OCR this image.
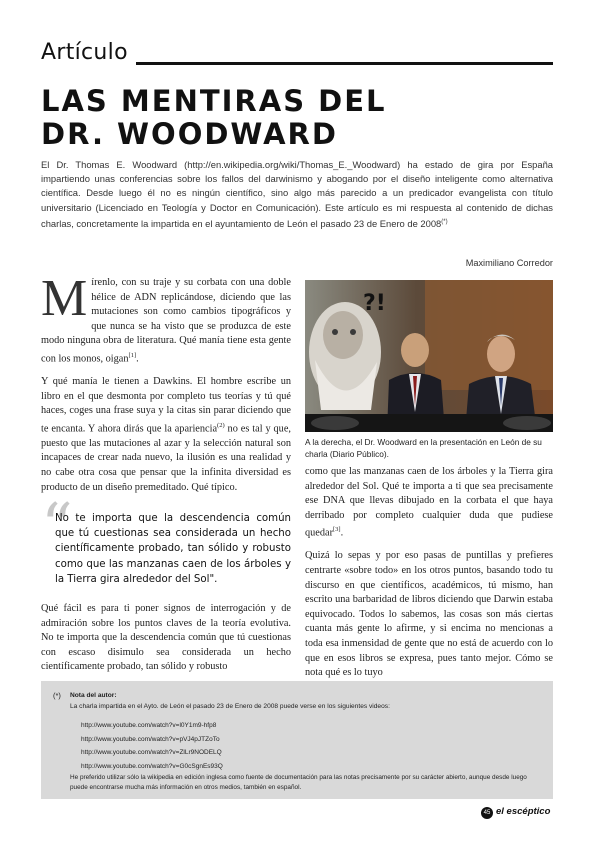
Artículo
LAS MENTIRAS DEL
DR. WOODWARD
El Dr. Thomas E. Woodward (http://en.wikipedia.org/wiki/Thomas_E._Woodward) ha estado de gira por España impartiendo unas conferencias sobre los fallos del darwinismo y abogando por el diseño inteligente como alternativa científica. Desde luego él no es ningún científico, sino algo más parecido a un predicador evangelista con título universitario (Licenciado en Teología y Doctor en Comunicación). Este artículo es mi respuesta al contenido de dichas charlas, concretamente la impartida en el ayuntamiento de León el pasado 23 de Enero de 2008(*)
Maximiliano Corredor

Mírenlo, con su traje y su corbata con una doble hélice de ADN replicándose, diciendo que las mutaciones son como cambios tipográficos y que nunca se ha visto que se produzca de este modo ninguna obra de literatura. Qué manía tiene esta gente con los monos, oigan[1].

Y qué manía le tienen a Dawkins. El hombre escribe un libro en el que desmonta por completo tus teorías y tú qué haces, coges una frase suya y la citas sin parar diciendo que te encanta. Y ahora dirás que la apariencia$^{(2)}$ no es tal y que, puesto que las mutaciones al azar y la selección natural son incapaces de crear nada nuevo, la ilusión es una realidad y no cabe otra cosa que pensar que la infinita diversidad es producto de un diseño premeditado. Qué típico.

“
No te importa que la descendencia común que tú cuestionas sea considerada un hecho científicamente probado, tan sólido y robusto como que las manzanas caen de los árboles y la Tierra gira alrededor del Sol".

Qué fácil es para ti poner signos de interrogación y de admiración sobre los puntos claves de la teoría evolutiva. No te importa que la descendencia común que tú cuestionas con escaso disimulo sea considerada un hecho científicamente probado, tan sólido y robusto

?!
A la derecha, el Dr. Woodward en la presentación en León de su charla (Diario Público).

como que las manzanas caen de los árboles y la Tierra gira alrededor del Sol. Qué te importa a ti que sea precisamente ese DNA que llevas dibujado en la corbata el que haya derribado por completo cualquier duda que pudiese quedar[3].

Quizá lo sepas y por eso pasas de puntillas y prefieres centrarte «sobre todo» en los otros puntos, basando todo tu discurso en que científicos, académicos, tú mismo, han escrito una barbaridad de libros diciendo que Darwin estaba equivocado. Todos lo sabemos, las cosas son más ciertas cuanta más gente lo afirme, y si encima no mencionas a toda esa inmensidad de gente que no está de acuerdo con lo que en esos libros se expresa, pues tanto mejor. Cómo se nota qué es lo tuyo

(*) Nota del autor:
La charla impartida en el Ayto. de León el pasado 23 de Enero de 2008 puede verse en los siguientes videos:
http://www.youtube.com/watch?v=l0Y1m9-hfp8
http://www.youtube.com/watch?v=pVJ4pJTZoTo
http://www.youtube.com/watch?v=ZlLr9NODELQ
http://www.youtube.com/watch?v=G0cSgnEs93Q
He preferido utilizar sólo la wikipedia en edición inglesa como fuente de documentación para las notas precisamente por su carácter abierto, aunque desde luego puede encontrarse mucha más información en otros medios, también en español.
45 el escéptico
